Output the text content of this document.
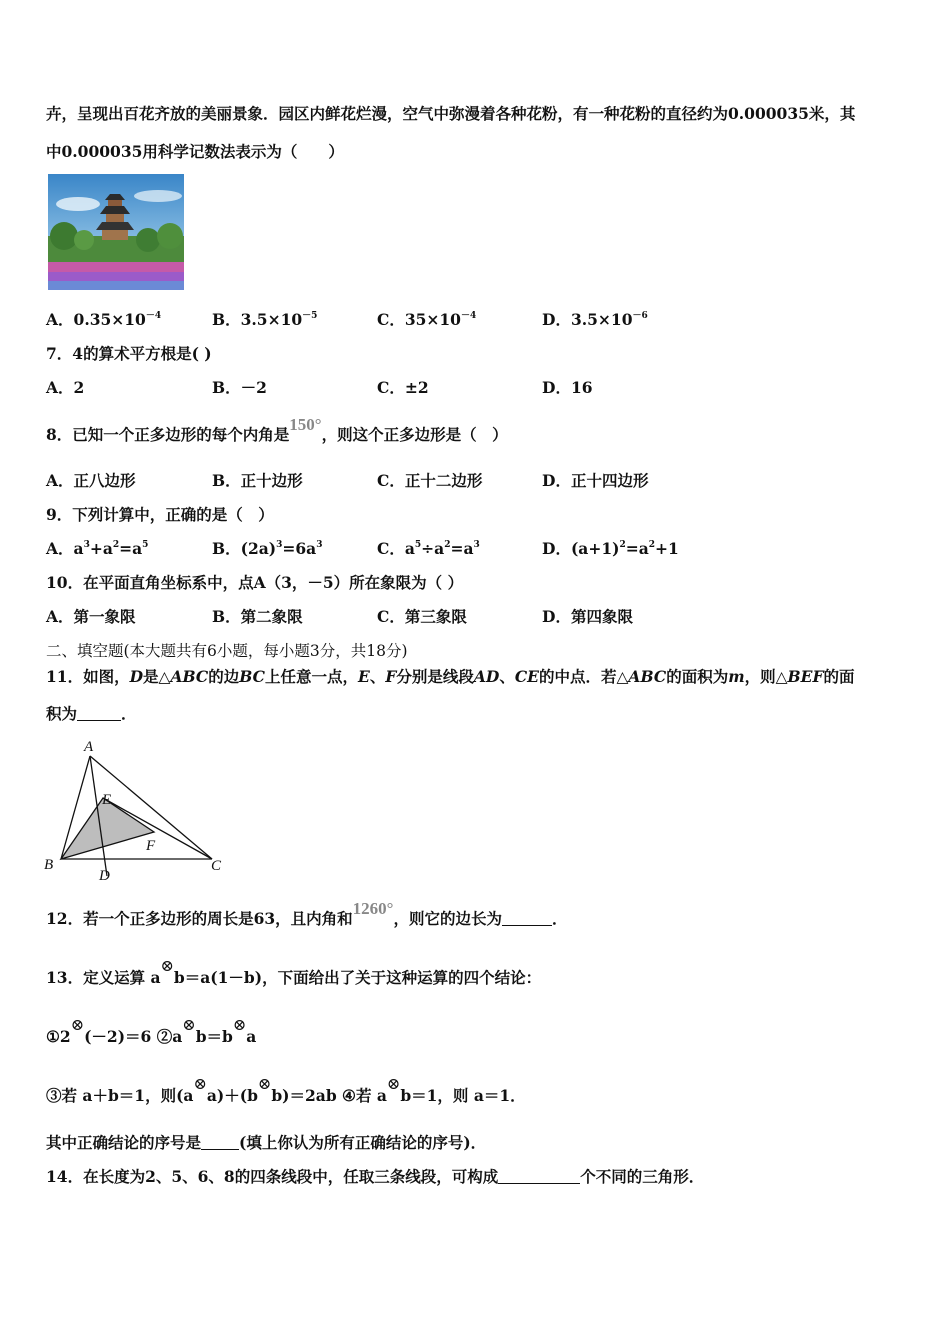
卉，呈现出百花齐放的美丽景象．园区内鲜花烂漫，空气中弥漫着各种花粉，有一种花粉的直径约为0.000035米，其
中0.000035用科学记数法表示为（　　）
A．$0.35\times 10^{-4}$	B．$3.5\times 10^{-5}$	C．$35\times 10^{-4}$	D．$3.5\times 10^{-6}$
7．4的算术平方根是( )
A．2	B．－2	C．±2	D．16
8．已知一个正多边形的每个内角是150°，则这个正多边形是（　）
A．正八边形	B．正十边形	C．正十二边形	D．正十四边形
9．下列计算中，正确的是（　）
A．$a^3+a^2=a^5$	B．$(2a)^3=6a^3$	C．$a^5\div a^2=a^3$	D．$(a+1)^2=a^2+1$
10．在平面直角坐标系中，点A（3，－5）所在象限为（ ）
A．第一象限	B．第二象限	C．第三象限	D．第四象限
二、填空题(本大题共有6小题，每小题3分，共18分)
11．如图，D是△ABC的边BC上任意一点，E、F分别是线段AD、CE的中点．若△ABC的面积为m，则△BEF的面
积为	．
A
E
F
B
D
C
12．若一个正多边形的周长是63，且内角和1260°，则它的边长为	．
13．定义运算 a⊗b＝a(1－b)，下面给出了关于这种运算的四个结论：
①2⊗(－2)＝6 ②a⊗b＝b⊗a
③若 a＋b＝1，则(a⊗a)＋(b⊗b)＝2ab ④若 a⊗b＝1，则 a＝1．
其中正确结论的序号是 (填上你认为所有正确结论的序号)．
14．在长度为2、5、6、8的四条线段中，任取三条线段，可构成	个不同的三角形．
